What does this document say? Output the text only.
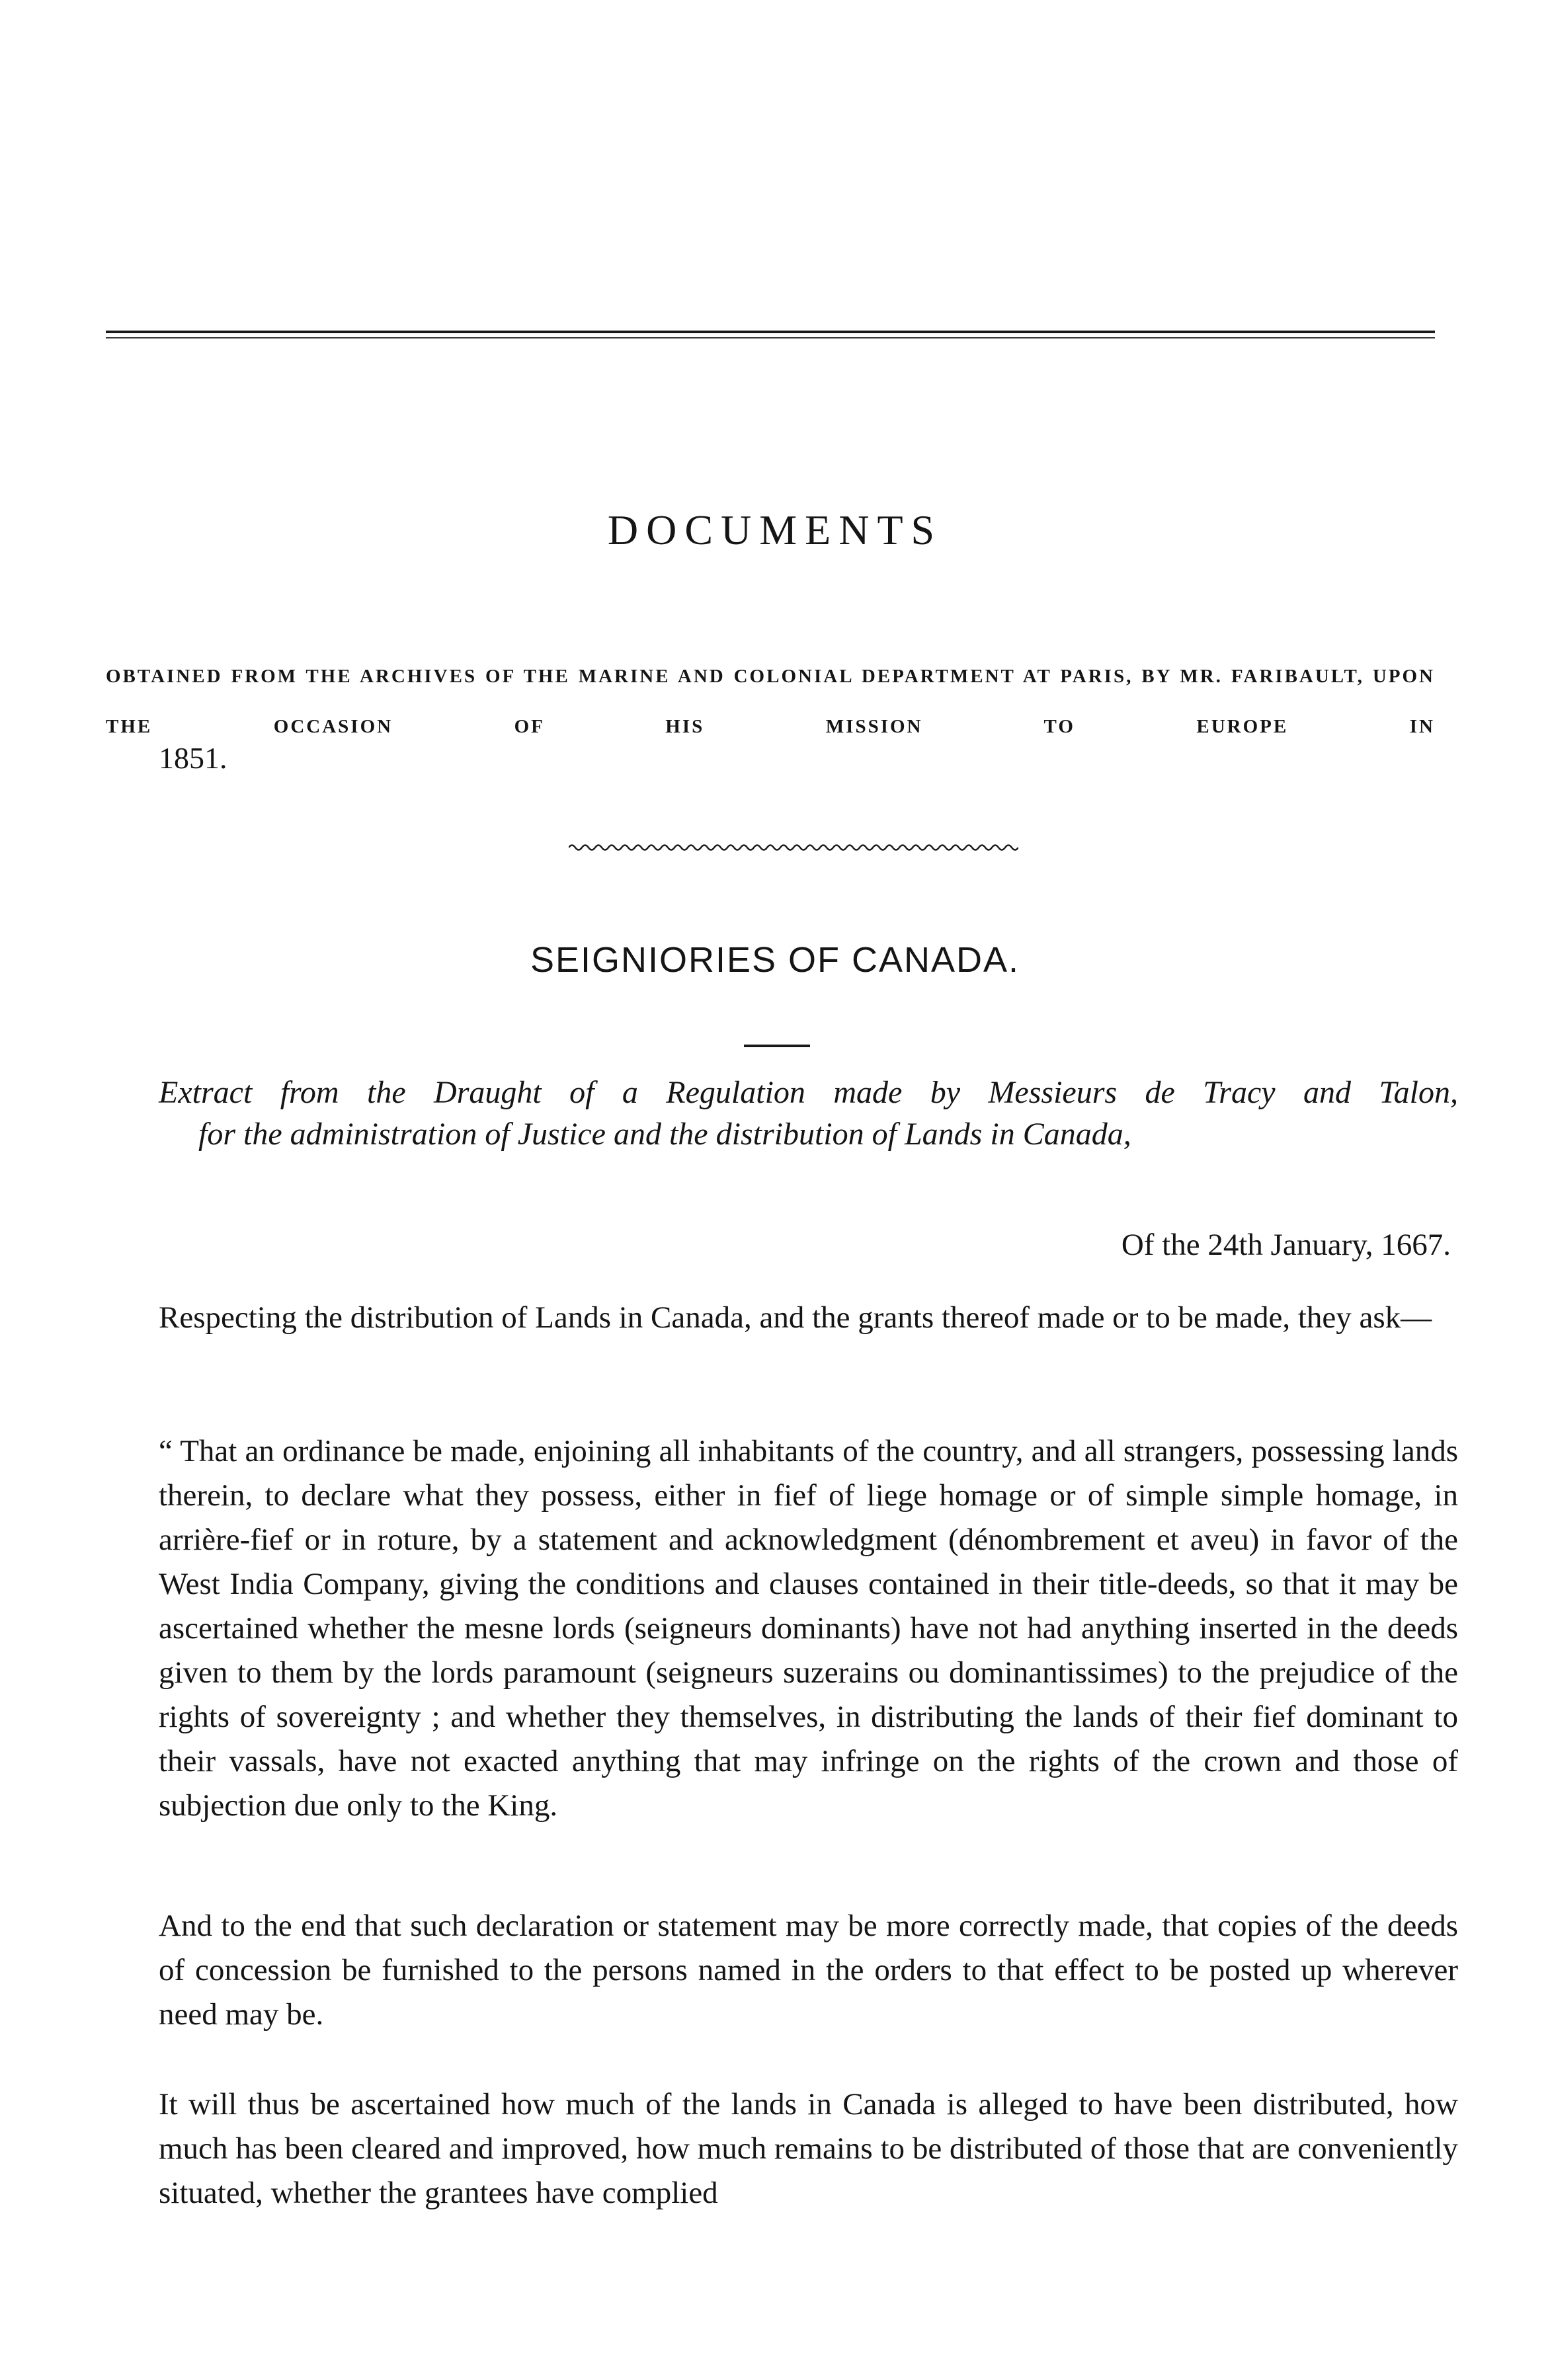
DOCUMENTS
OBTAINED FROM THE ARCHIVES OF THE MARINE AND COLONIAL DEPARTMENT AT PARIS, BY MR. FARIBAULT, UPON THE OCCASION OF HIS MISSION TO EUROPE IN
1851.
SEIGNIORIES OF CANADA.
Extract from the Draught of a Regulation made by Messieurs de Tracy and Talon,
for the administration of Justice and the distribution of Lands in Canada,
Of the 24th January, 1667.
Respecting the distribution of Lands in Canada, and the grants thereof made or to be made, they ask—
“ That an ordinance be made, enjoining all inhabitants of the country, and all strangers, possessing lands therein, to declare what they possess, either in fief of liege homage or of simple simple homage, in arrière-fief or in roture, by a statement and acknowledgment (dénombrement et aveu) in favor of the West India Company, giving the conditions and clauses contained in their title-deeds, so that it may be ascertained whether the mesne lords (seigneurs dominants) have not had anything inserted in the deeds given to them by the lords paramount (seigneurs suzerains ou dominantissimes) to the prejudice of the rights of sovereignty ; and whether they themselves, in distributing the lands of their fief dominant to their vassals, have not exacted anything that may infringe on the rights of the crown and those of subjection due only to the King.
And to the end that such declaration or statement may be more correctly made, that copies of the deeds of concession be furnished to the persons named in the orders to that effect to be posted up wherever need may be.
It will thus be ascertained how much of the lands in Canada is alleged to have been distributed, how much has been cleared and improved, how much remains to be distributed of those that are conveniently situated, whether the grantees have complied
